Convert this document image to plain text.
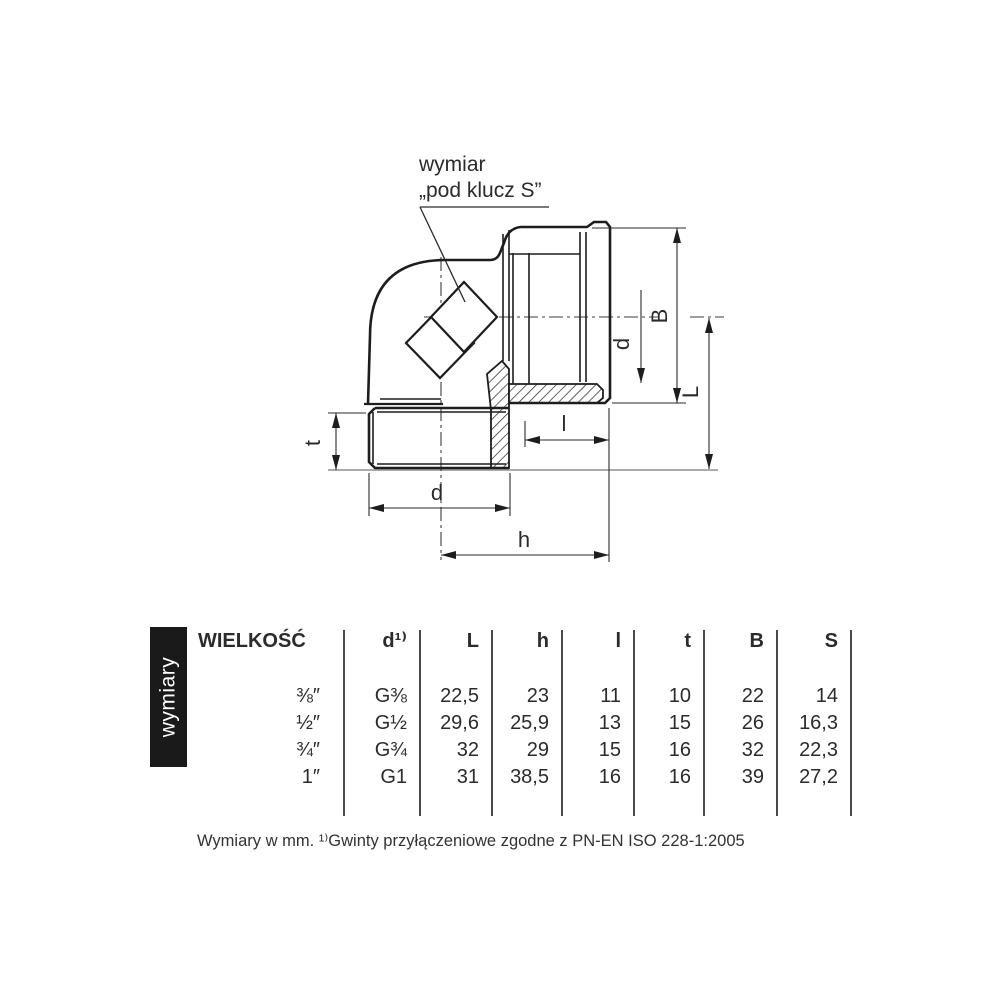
wymiar
„pod klucz S”
t
d
h
l
B
d
L
wymiary
WIELKOŚĆ	d¹⁾	L	h	l	t	B	S
⅜″	G⅜	22,5	23	11	10	22	14
½″	G½	29,6	25,9	13	15	26	16,3
¾″	G¾	32	29	15	16	32	22,3
1″	G1	31	38,5	16	16	39	27,2
Wymiary w mm. ¹⁾Gwinty przyłączeniowe zgodne z PN-EN ISO 228-1:2005
